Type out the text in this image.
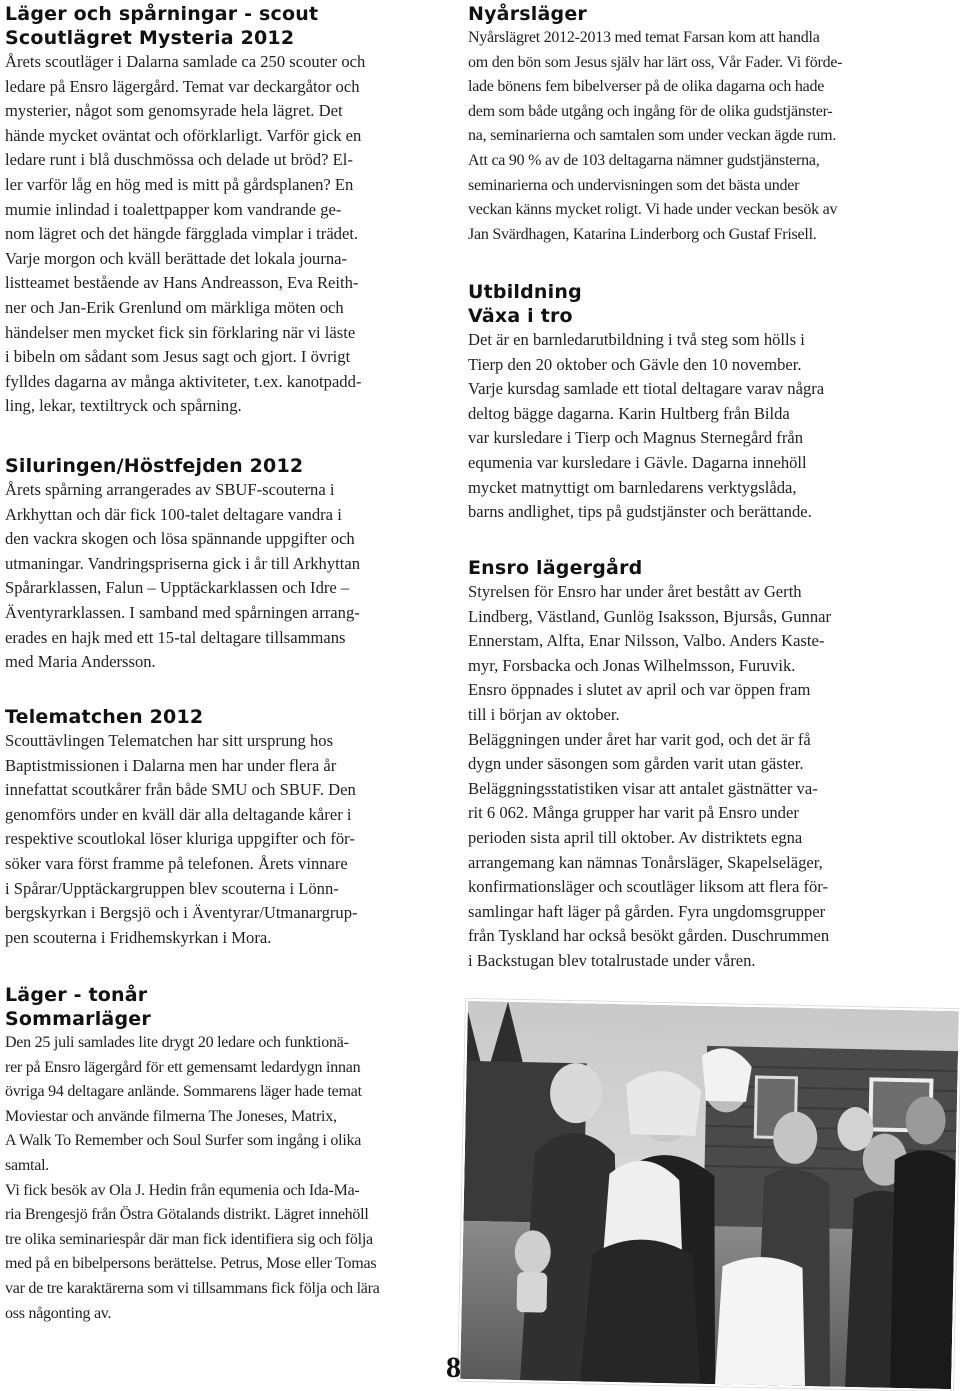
Läger och spårningar - scout
Scoutlägret Mysteria 2012
Årets scoutläger i Dalarna samlade ca 250 scouter och
ledare på Ensro lägergård. Temat var deckargåtor och
mysterier, något som genomsyrade hela lägret. Det
hände mycket oväntat och oförklarligt. Varför gick en
ledare runt i blå duschmössa och delade ut bröd? El-
ler varför låg en hög med is mitt på gårdsplanen? En
mumie inlindad i toalettpapper kom vandrande ge-
nom lägret och det hängde färgglada vimplar i trädet.
Varje morgon och kväll berättade det lokala journa-
listteamet bestående av Hans Andreasson, Eva Reith-
ner och Jan-Erik Grenlund om märkliga möten och
händelser men mycket fick sin förklaring när vi läste
i bibeln om sådant som Jesus sagt och gjort. I övrigt
fylldes dagarna av många aktiviteter, t.ex. kanotpadd-
ling, lekar, textiltryck och spårning.
Siluringen/Höstfejden 2012
Årets spårning arrangerades av SBUF-scouterna i
Arkhyttan och där fick 100-talet deltagare vandra i
den vackra skogen och lösa spännande uppgifter och
utmaningar. Vandringspriserna gick i år till Arkhyttan
Spårarklassen, Falun – Upptäckarklassen och Idre –
Äventyrarklassen. I samband med spårningen arrang-
erades en hajk med ett 15-tal deltagare tillsammans
med Maria Andersson.
Telematchen 2012
Scouttävlingen Telematchen har sitt ursprung hos
Baptistmissionen i Dalarna men har under flera år
innefattat scoutkårer från både SMU och SBUF. Den
genomförs under en kväll där alla deltagande kårer i
respektive scoutlokal löser kluriga uppgifter och för-
söker vara först framme på telefonen. Årets vinnare
i Spårar/Upptäckargruppen blev scouterna i Lönn-
bergskyrkan i Bergsjö och i Äventyrar/Utmanargrup-
pen scouterna i Fridhemskyrkan i Mora.
Läger - tonår
Sommarläger
Den 25 juli samlades lite drygt 20 ledare och funktionä-
rer på Ensro lägergård för ett gemensamt ledardygn innan
övriga 94 deltagare anlände. Sommarens läger hade temat
Moviestar och använde filmerna The Joneses, Matrix,
A Walk To Remember och Soul Surfer som ingång i olika
samtal.
Vi fick besök av Ola J. Hedin från equmenia och Ida-Ma-
ria Brengesjö från Östra Götalands distrikt. Lägret innehöll
tre olika seminariespår där man fick identifiera sig och följa
med på en bibelpersons berättelse. Petrus, Mose eller Tomas
var de tre karaktärerna som vi tillsammans fick följa och lära
oss någonting av.
Nyårsläger
Nyårslägret 2012-2013 med temat Farsan kom att handla
om den bön som Jesus själv har lärt oss, Vår Fader. Vi förde-
lade bönens fem bibelverser på de olika dagarna och hade
dem som både utgång och ingång för de olika gudstjänster-
na, seminarierna och samtalen som under veckan ägde rum.
Att ca 90 % av de 103 deltagarna nämner gudstjänsterna,
seminarierna och undervisningen som det bästa under
veckan känns mycket roligt. Vi hade under veckan besök av
Jan Svärdhagen, Katarina Linderborg och Gustaf Frisell.
Utbildning
Växa i tro
Det är en barnledarutbildning i två steg som hölls i
Tierp den 20 oktober och Gävle den 10 november.
Varje kursdag samlade ett tiotal deltagare varav några
deltog bägge dagarna. Karin Hultberg från Bilda
var kursledare i Tierp och Magnus Sternegård från
equmenia var kursledare i Gävle. Dagarna innehöll
mycket matnyttigt om barnledarens verktygslåda,
barns andlighet, tips på gudstjänster och berättande.
Ensro lägergård
Styrelsen för Ensro har under året bestått av Gerth
Lindberg, Västland, Gunlög Isaksson, Bjursås, Gunnar
Ennerstam, Alfta, Enar Nilsson, Valbo. Anders Kaste-
myr, Forsbacka och Jonas Wilhelmsson, Furuvik.
Ensro öppnades i slutet av april och var öppen fram
till i början av oktober.
Beläggningen under året har varit god, och det är få
dygn under säsongen som gården varit utan gäster.
Beläggningsstatistiken visar att antalet gästnätter va-
rit 6 062. Många grupper har varit på Ensro under
perioden sista april till oktober. Av distriktets egna
arrangemang kan nämnas Tonårsläger, Skapelseläger,
konfirmationsläger och scoutläger liksom att flera för-
samlingar haft läger på gården. Fyra ungdomsgrupper
från Tyskland har också besökt gården. Duschrummen
i Backstugan blev totalrustade under våren.
8
